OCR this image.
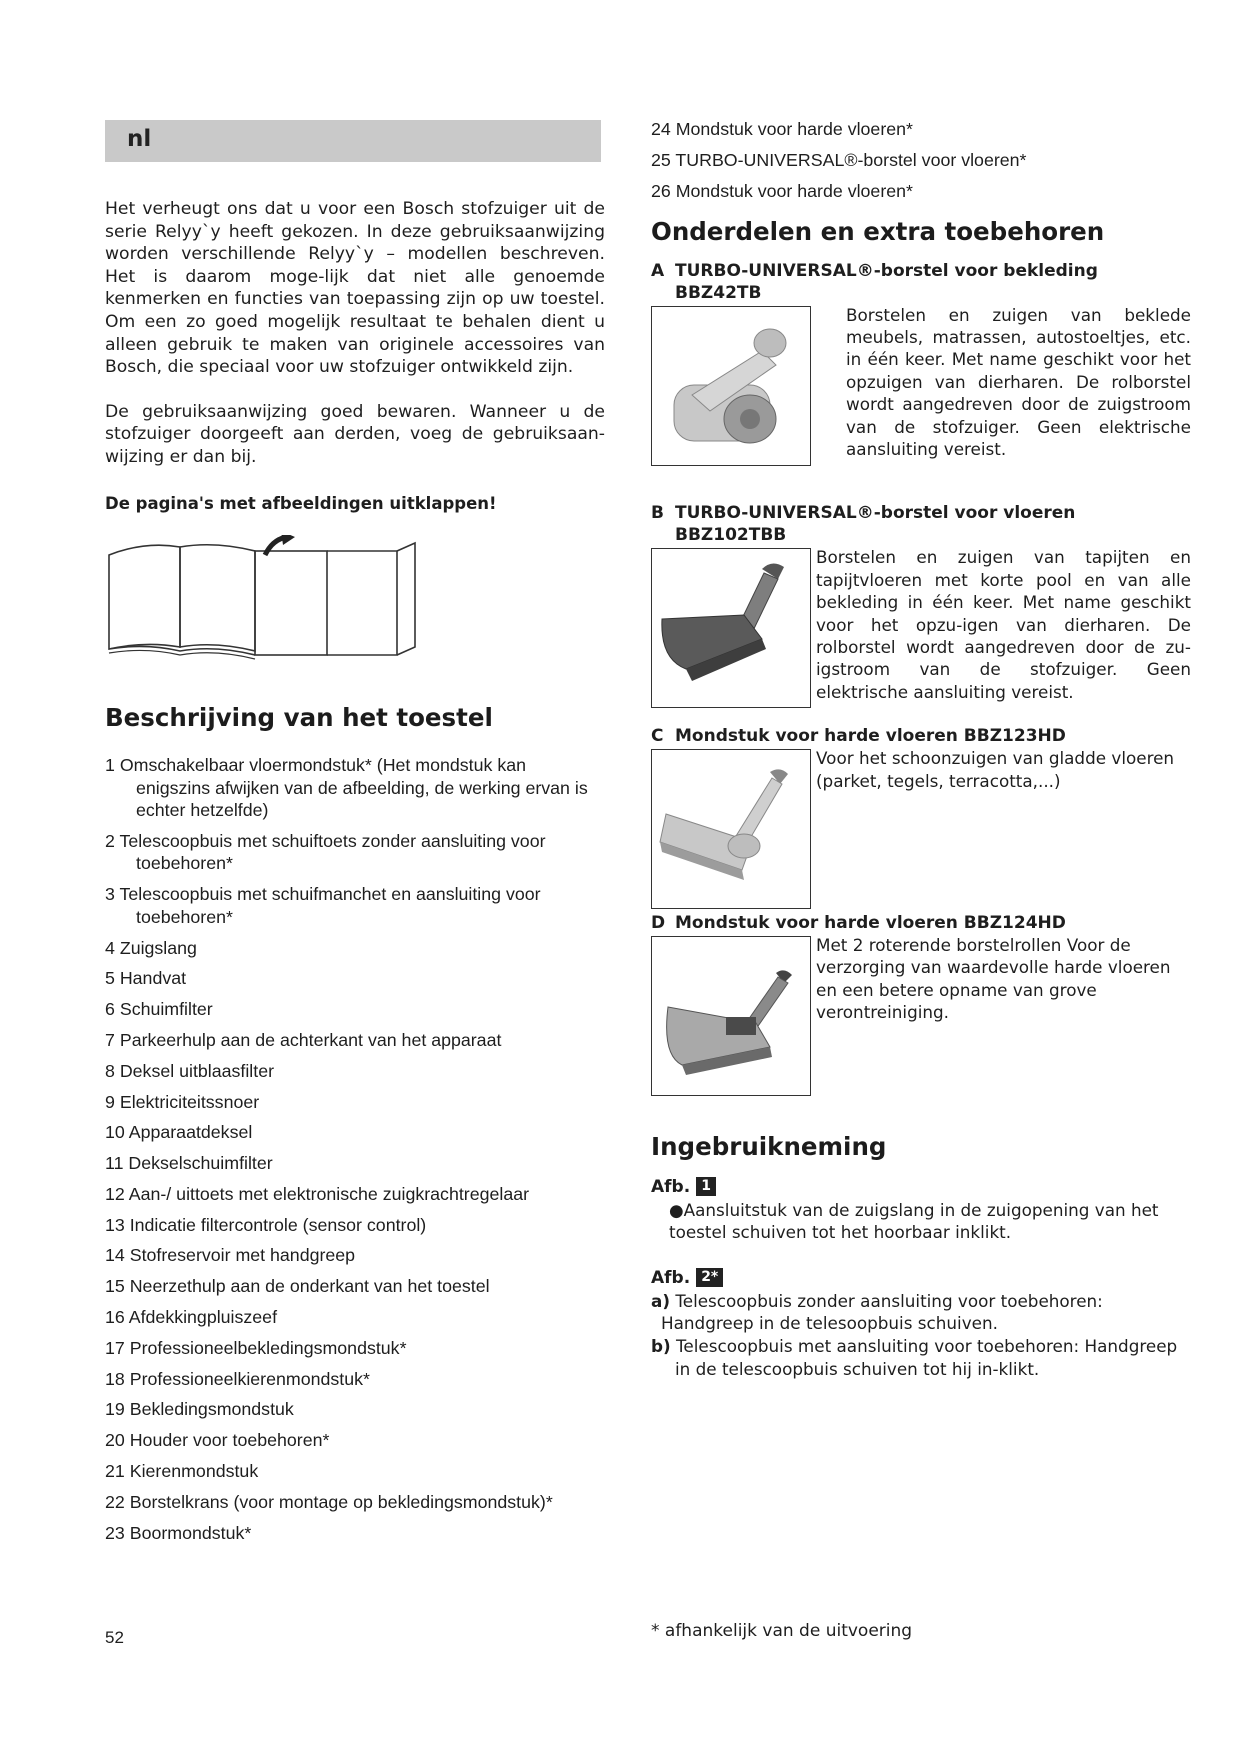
nl

Het verheugt ons dat u voor een Bosch stofzuiger uit de serie Relyy`y heeft gekozen. In deze gebruiksaanwijzing worden verschillende Relyy`y – modellen beschreven. Het is daarom moge-lijk dat niet alle genoemde kenmerken en functies van toepassing zijn op uw toestel. Om een zo goed mogelijk resultaat te behalen dient u alleen gebruik te maken van originele accessoires van Bosch, die speciaal voor uw stofzuiger ontwikkeld zijn.

De gebruiksaanwijzing goed bewaren. Wanneer u de stofzuiger doorgeeft aan derden, voeg de gebruiksaan-wijzing er dan bij.

De pagina's met afbeeldingen uitklappen!
Beschrijving van het toestel
1 Omschakelbaar vloermondstuk* (Het mondstuk kan enigszins afwijken van de afbeelding, de werking ervan is echter hetzelfde)
2 Telescoopbuis met schuiftoets zonder aansluiting voor toebehoren*
3 Telescoopbuis met schuifmanchet en aansluiting voor toebehoren*
4 Zuigslang
5 Handvat
6 Schuimfilter
7 Parkeerhulp aan de achterkant van het apparaat
8 Deksel uitblaasfilter
9 Elektriciteitssnoer
10 Apparaatdeksel
11 Dekselschuimfilter
12 Aan-/ uittoets met elektronische zuigkrachtregelaar
13 Indicatie filtercontrole (sensor control)
14 Stofreservoir met handgreep
15 Neerzethulp aan de onderkant van het toestel
16 Afdekkingpluiszeef
17 Professioneelbekledingsmondstuk*
18 Professioneelkierenmondstuk*
19 Bekledingsmondstuk
20 Houder voor toebehoren*
21 Kierenmondstuk
22 Borstelkrans (voor montage op bekledingsmondstuk)*
23 Boormondstuk*
24 Mondstuk voor harde vloeren*
25 TURBO-UNIVERSAL®-borstel voor vloeren*
26 Mondstuk voor harde vloeren*
Onderdelen en extra toebehoren
A TURBO-UNIVERSAL®-borstel voor bekleding
BBZ42TB
Borstelen en zuigen van beklede meubels, matrassen, autostoeltjes, etc. in één keer. Met name geschikt voor het opzuigen van dierharen. De rolborstel wordt aangedreven door de zuigstroom van de stofzuiger. Geen elektrische aansluiting vereist.
B TURBO-UNIVERSAL®-borstel voor vloeren
BBZ102TBB
Borstelen en zuigen van tapijten en tapijtvloeren met korte pool en van alle bekleding in één keer. Met name geschikt voor het opzu-igen van dierharen. De rolborstel wordt aangedreven door de zu-igstroom van de stofzuiger. Geen elektrische aansluiting vereist.
C Mondstuk voor harde vloeren BBZ123HD
Voor het schoonzuigen van gladde vloeren (parket, tegels, terracotta,...)
D Mondstuk voor harde vloeren BBZ124HD
Met 2 roterende borstelrollen Voor de verzorging van waardevolle harde vloeren en een betere opname van grove verontreiniging.
Ingebruikneming
Afb. 1
●Aansluitstuk van de zuigslang in de zuigopening van het toestel schuiven tot het hoorbaar inklikt.
Afb. 2*
a) Telescoopbuis zonder aansluiting voor toebehoren: Handgreep in de telesoopbuis schuiven.
b) Telescoopbuis met aansluiting voor toebehoren: Handgreep in de telescoopbuis schuiven tot hij in-klikt.
52	* afhankelijk van de uitvoering
